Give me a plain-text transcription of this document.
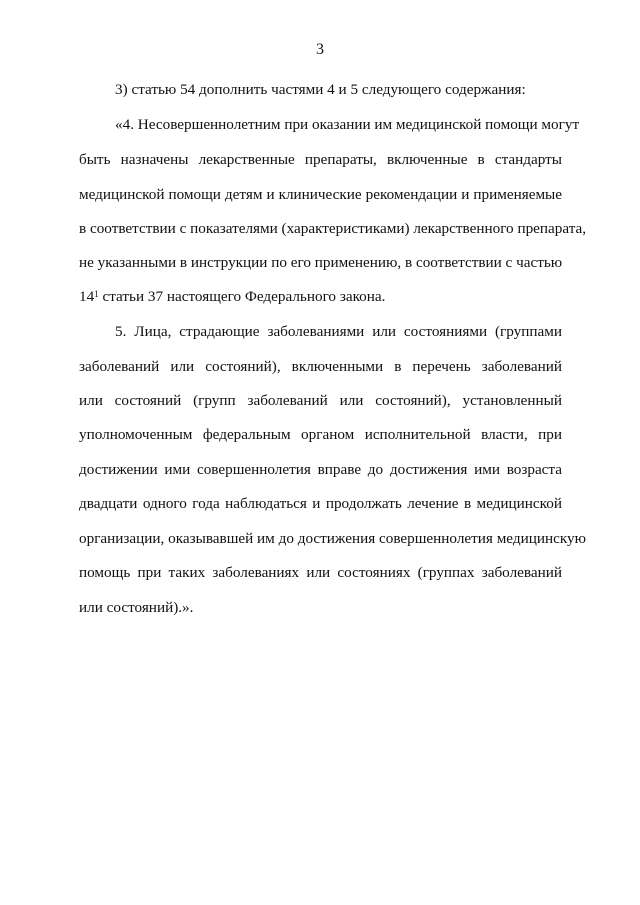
3
3) статью 54 дополнить частями 4 и 5 следующего содержания:
«4. Несовершеннолетним при оказании им медицинской помощи могут
быть назначены лекарственные препараты, включенные в стандарты
медицинской помощи детям и клинические рекомендации и применяемые
в соответствии с показателями (характеристиками) лекарственного препарата,
не указанными в инструкции по его применению, в соответствии с частью
$14^1$ статьи 37 настоящего Федерального закона.
5. Лица, страдающие заболеваниями или состояниями (группами
заболеваний или состояний), включенными в перечень заболеваний
или состояний (групп заболеваний или состояний), установленный
уполномоченным федеральным органом исполнительной власти, при
достижении ими совершеннолетия вправе до достижения ими возраста
двадцати одного года наблюдаться и продолжать лечение в медицинской
организации, оказывавшей им до достижения совершеннолетия медицинскую
помощь при таких заболеваниях или состояниях (группах заболеваний
или состояний).».
